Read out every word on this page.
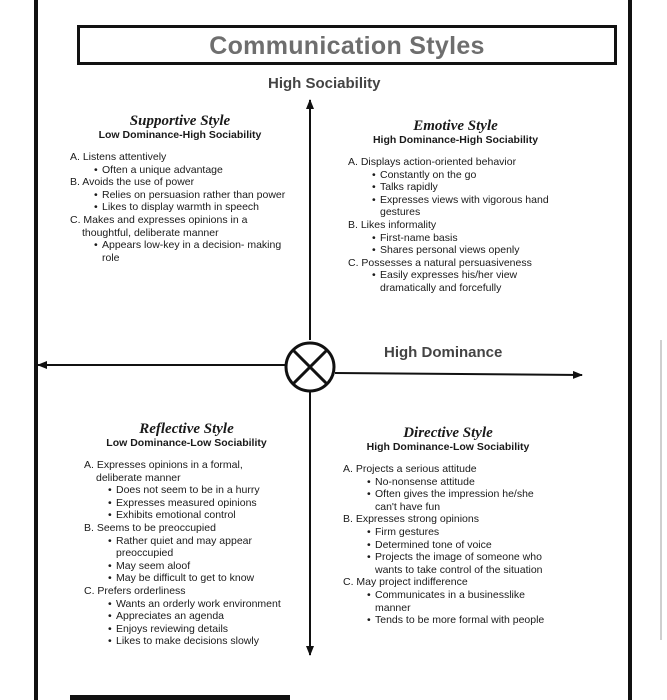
Communication Styles
High Sociability
High Dominance
Supportive Style
Low Dominance-High Sociability
A. Listens attentively
• Often a unique advantage
B. Avoids the use of power
• Relies on persuasion rather than power
• Likes to display warmth in speech
C. Makes and expresses opinions in a thoughtful, deliberate manner
• Appears low-key in a decision- making role
Emotive Style
High Dominance-High Sociability
A. Displays action-oriented behavior
• Constantly on the go
• Talks rapidly
• Expresses views with vigorous hand gestures
B. Likes informality
• First-name basis
• Shares personal views openly
C. Possesses a natural persuasiveness
• Easily expresses his/her view dramatically and forcefully
Reflective Style
Low Dominance-Low Sociability
A. Expresses opinions in a formal, deliberate manner
• Does not seem to be in a hurry
• Expresses measured opinions
• Exhibits emotional control
B. Seems to be preoccupied
• Rather quiet and may appear preoccupied
• May seem aloof
• May be difficult to get to know
C. Prefers orderliness
• Wants an orderly work environment
• Appreciates an agenda
• Enjoys reviewing details
• Likes to make decisions slowly
Directive Style
High Dominance-Low Sociability
A. Projects a serious attitude
• No-nonsense attitude
• Often gives the impression he/she can't have fun
B. Expresses strong opinions
• Firm gestures
• Determined tone of voice
• Projects the image of someone who wants to take control of the situation
C. May project indifference
• Communicates in a businesslike manner
• Tends to be more formal with people
